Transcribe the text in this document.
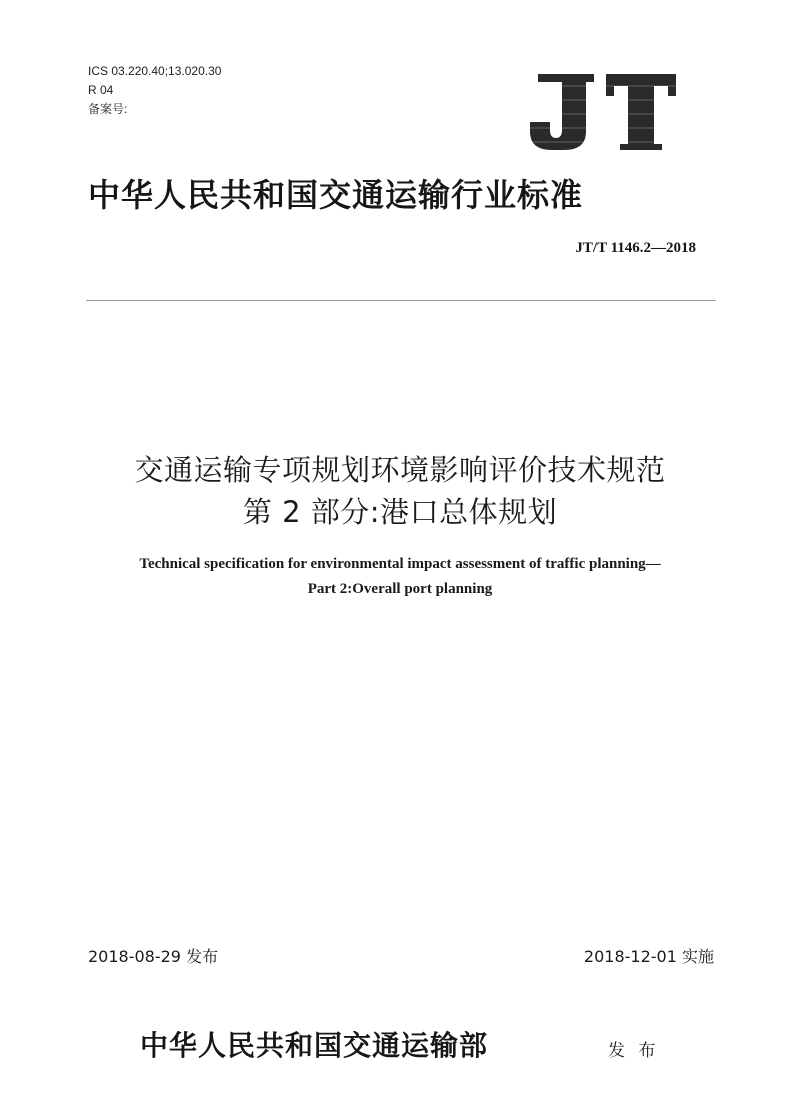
ICS 03.220.40;13.020.30
R 04
备案号:
中华人民共和国交通运输行业标准
JT/T 1146.2—2018
交通运输专项规划环境影响评价技术规范
第 2 部分:港口总体规划
Technical specification for environmental impact assessment of traffic planning—
Part 2:Overall port planning
2018-08-29 发布	2018-12-01 实施
中华人民共和国交通运输部	发 布
